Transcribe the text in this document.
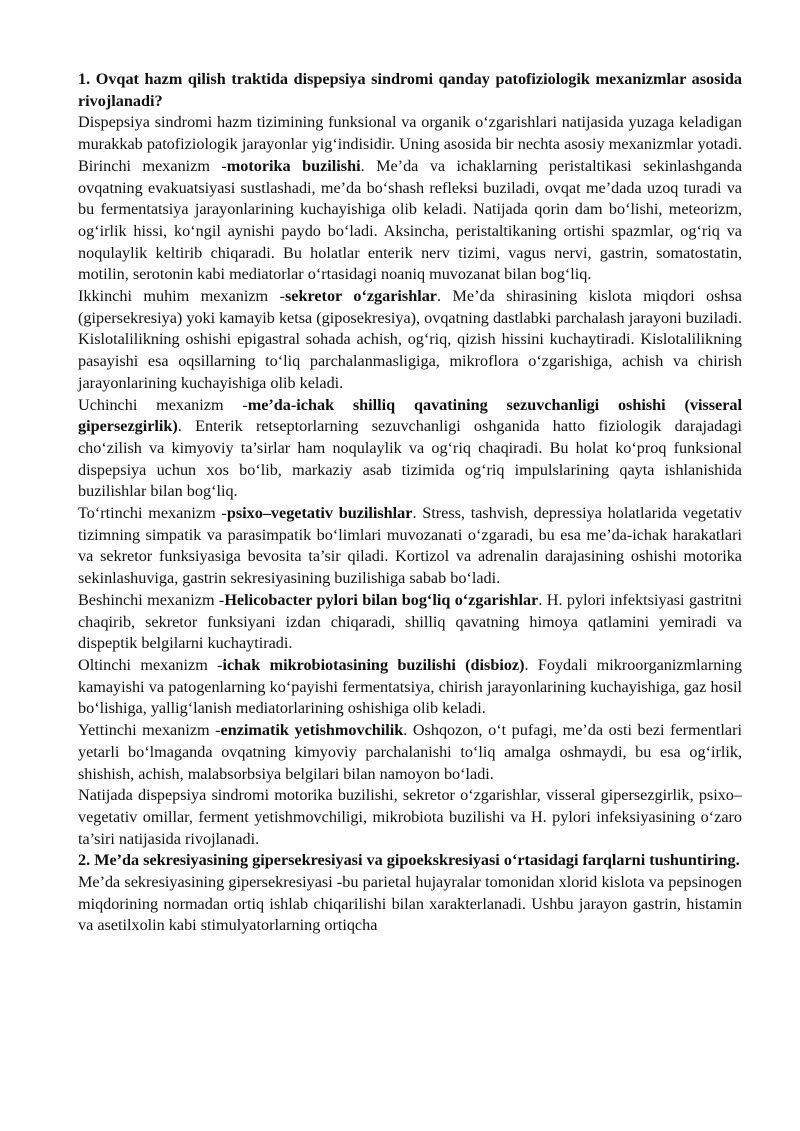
1. Ovqat hazm qilish traktida dispepsiya sindromi qanday patofiziologik mexanizmlar asosida rivojlanadi?

Dispepsiya sindromi hazm tizimining funksional va organik o‘zgarishlari natijasida yuzaga keladigan murakkab patofiziologik jarayonlar yig‘indisidir. Uning asosida bir nechta asosiy mexanizmlar yotadi. Birinchi mexanizm -motorika buzilishi. Me’da va ichaklarning peristaltikasi sekinlashganda ovqatning evakuatsiyasi sustlashadi, me’da bo‘shash refleksi buziladi, ovqat me’dada uzoq turadi va bu fermentatsiya jarayonlarining kuchayishiga olib keladi. Natijada qorin dam bo‘lishi, meteorizm, og‘irlik hissi, ko‘ngil aynishi paydo bo‘ladi. Aksincha, peristaltikaning ortishi spazmlar, og‘riq va noqulaylik keltirib chiqaradi. Bu holatlar enterik nerv tizimi, vagus nervi, gastrin, somatostatin, motilin, serotonin kabi mediatorlar o‘rtasidagi noaniq muvozanat bilan bog‘liq.

Ikkinchi muhim mexanizm -sekretor o‘zgarishlar. Me’da shirasining kislota miqdori oshsa (gipersekresiya) yoki kamayib ketsa (giposekresiya), ovqatning dastlabki parchalash jarayoni buziladi. Kislotalilikning oshishi epigastral sohada achish, og‘riq, qizish hissini kuchaytiradi. Kislotalilikning pasayishi esa oqsillarning to‘liq parchalanmasligiga, mikroflora o‘zgarishiga, achish va chirish jarayonlarining kuchayishiga olib keladi.

Uchinchi mexanizm -me’da-ichak shilliq qavatining sezuvchanligi oshishi (visseral gipersezgirlik). Enterik retseptorlarning sezuvchanligi oshganida hatto fiziologik darajadagi cho‘zilish va kimyoviy ta’sirlar ham noqulaylik va og‘riq chaqiradi. Bu holat ko‘proq funksional dispepsiya uchun xos bo‘lib, markaziy asab tizimida og‘riq impulslarining qayta ishlanishida buzilishlar bilan bog‘liq.

To‘rtinchi mexanizm -psixo–vegetativ buzilishlar. Stress, tashvish, depressiya holatlarida vegetativ tizimning simpatik va parasimpatik bo‘limlari muvozanati o‘zgaradi, bu esa me’da-ichak harakatlari va sekretor funksiyasiga bevosita ta’sir qiladi. Kortizol va adrenalin darajasining oshishi motorika sekinlashuviga, gastrin sekresiyasining buzilishiga sabab bo‘ladi.

Beshinchi mexanizm -Helicobacter pylori bilan bog‘liq o‘zgarishlar. H. pylori infektsiyasi gastritni chaqirib, sekretor funksiyani izdan chiqaradi, shilliq qavatning himoya qatlamini yemiradi va dispeptik belgilarni kuchaytiradi.

Oltinchi mexanizm -ichak mikrobiotasining buzilishi (disbioz). Foydali mikroorganizmlarning kamayishi va patogenlarning ko‘payishi fermentatsiya, chirish jarayonlarining kuchayishiga, gaz hosil bo‘lishiga, yallig‘lanish mediatorlarining oshishiga olib keladi.

Yettinchi mexanizm -enzimatik yetishmovchilik. Oshqozon, o‘t pufagi, me’da osti bezi fermentlari yetarli bo‘lmaganda ovqatning kimyoviy parchalanishi to‘liq amalga oshmaydi, bu esa og‘irlik, shishish, achish, malabsorbsiya belgilari bilan namoyon bo‘ladi.

Natijada dispepsiya sindromi motorika buzilishi, sekretor o‘zgarishlar, visseral gipersezgirlik, psixo–vegetativ omillar, ferment yetishmovchiligi, mikrobiota buzilishi va H. pylori infeksiyasining o‘zaro ta’siri natijasida rivojlanadi.

2. Me’da sekresiyasining gipersekresiyasi va gipoekskresiyasi o‘rtasidagi farqlarni tushuntiring.

Me’da sekresiyasining gipersekresiyasi -bu parietal hujayralar tomonidan xlorid kislota va pepsinogen miqdorining normadan ortiq ishlab chiqarilishi bilan xarakterlanadi. Ushbu jarayon gastrin, histamin va asetilxolin kabi stimulyatorlarning ortiqcha
